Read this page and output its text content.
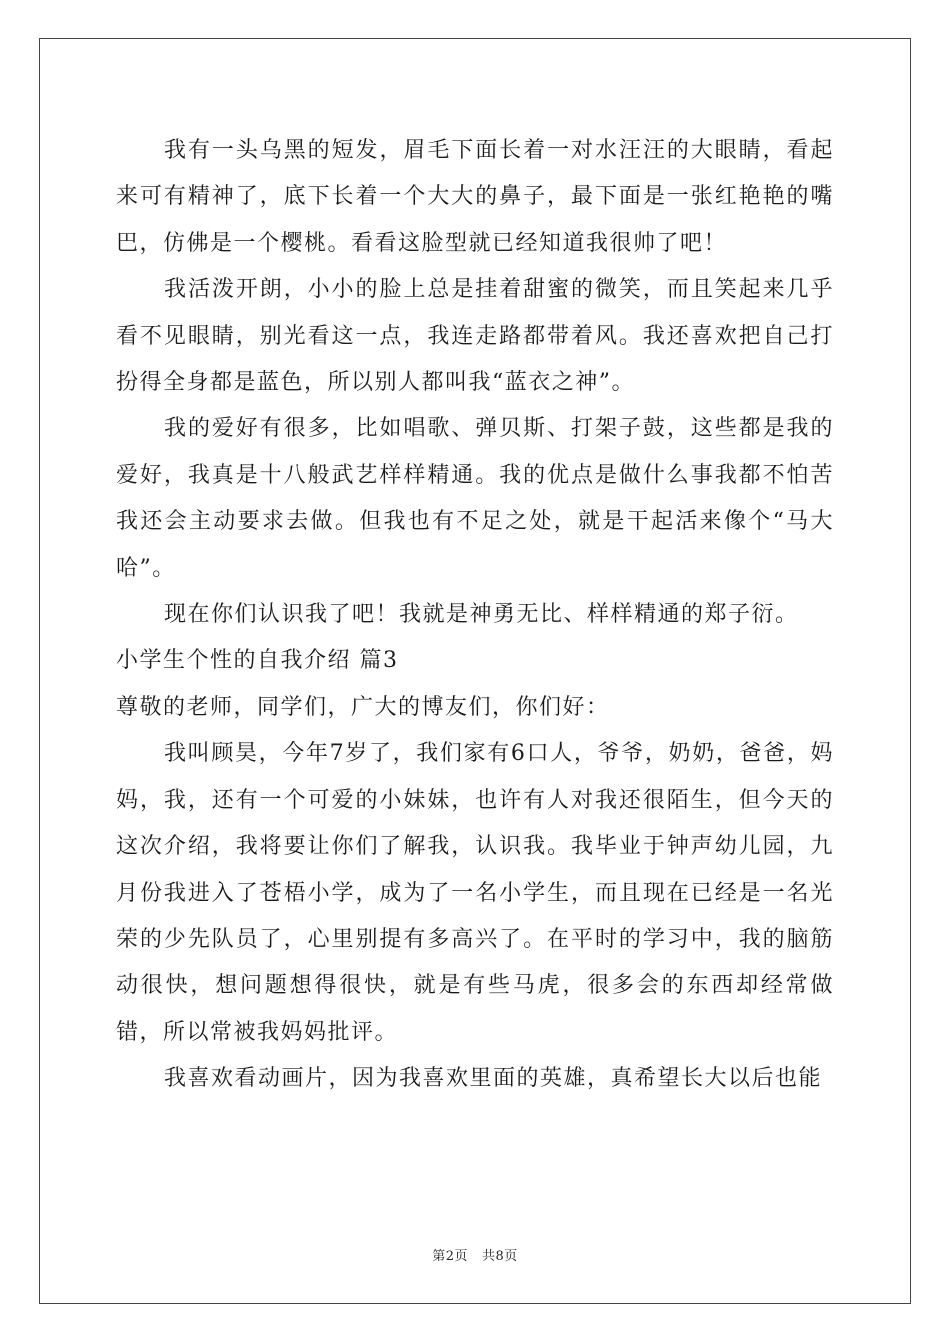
我有一头乌黑的短发，眉毛下面长着一对水汪汪的大眼睛，看起来可有精神了，底下长着一个大大的鼻子，最下面是一张红艳艳的嘴巴，仿佛是一个樱桃。看看这脸型就已经知道我很帅了吧！

我活泼开朗，小小的脸上总是挂着甜蜜的微笑，而且笑起来几乎看不见眼睛，别光看这一点，我连走路都带着风。我还喜欢把自己打扮得全身都是蓝色，所以别人都叫我“蓝衣之神”。

我的爱好有很多，比如唱歌、弹贝斯、打架子鼓，这些都是我的爱好，我真是十八般武艺样样精通。我的优点是做什么事我都不怕苦我还会主动要求去做。但我也有不足之处，就是干起活来像个“马大哈”。

现在你们认识我了吧！我就是神勇无比、样样精通的郑子衍。

小学生个性的自我介绍 篇3

尊敬的老师，同学们，广大的博友们，你们好：

我叫顾昊，今年7岁了，我们家有6口人，爷爷，奶奶，爸爸，妈妈，我，还有一个可爱的小妹妹，也许有人对我还很陌生，但今天的这次介绍，我将要让你们了解我，认识我。我毕业于钟声幼儿园，九月份我进入了苍梧小学，成为了一名小学生，而且现在已经是一名光荣的少先队员了，心里别提有多高兴了。在平时的学习中，我的脑筋动很快，想问题想得很快，就是有些马虎，很多会的东西却经常做错，所以常被我妈妈批评。

我喜欢看动画片，因为我喜欢里面的英雄，真希望长大以后也能

第2页 共8页
